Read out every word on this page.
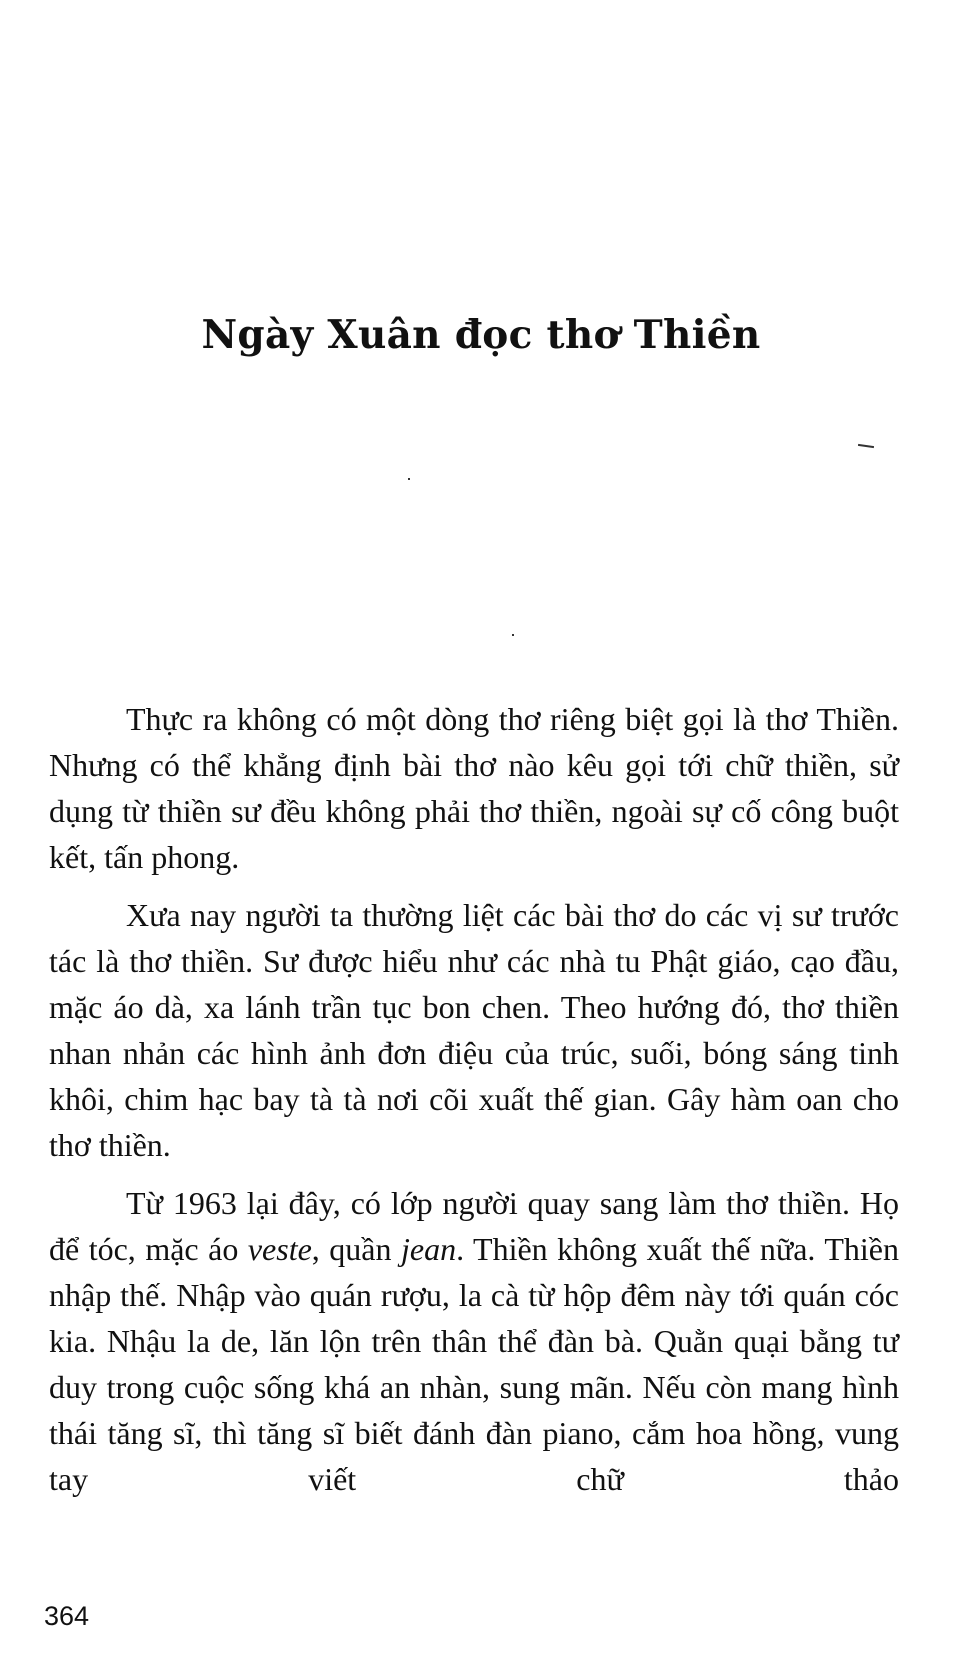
Ngày Xuân đọc thơ Thiền

Thực ra không có một dòng thơ riêng biệt gọi là thơ Thiền. Nhưng có thể khẳng định bài thơ nào kêu gọi tới chữ thiền, sử dụng từ thiền sư đều không phải thơ thiền, ngoài sự cố công buột kết, tấn phong.

Xưa nay người ta thường liệt các bài thơ do các vị sư trước tác là thơ thiền. Sư được hiểu như các nhà tu Phật giáo, cạo đầu, mặc áo dà, xa lánh trần tục bon chen. Theo hướng đó, thơ thiền nhan nhản các hình ảnh đơn điệu của trúc, suối, bóng sáng tinh khôi, chim hạc bay tà tà nơi cõi xuất thế gian. Gây hàm oan cho thơ thiền.

Từ 1963 lại đây, có lớp người quay sang làm thơ thiền. Họ để tóc, mặc áo veste, quần jean. Thiền không xuất thế nữa. Thiền nhập thế. Nhập vào quán rượu, la cà từ hộp đêm này tới quán cóc kia. Nhậu la de, lăn lộn trên thân thể đàn bà. Quằn quại bằng tư duy trong cuộc sống khá an nhàn, sung mãn. Nếu còn mang hình thái tăng sĩ, thì tăng sĩ biết đánh đàn piano, cắm hoa hồng, vung tay viết chữ thảo

364
